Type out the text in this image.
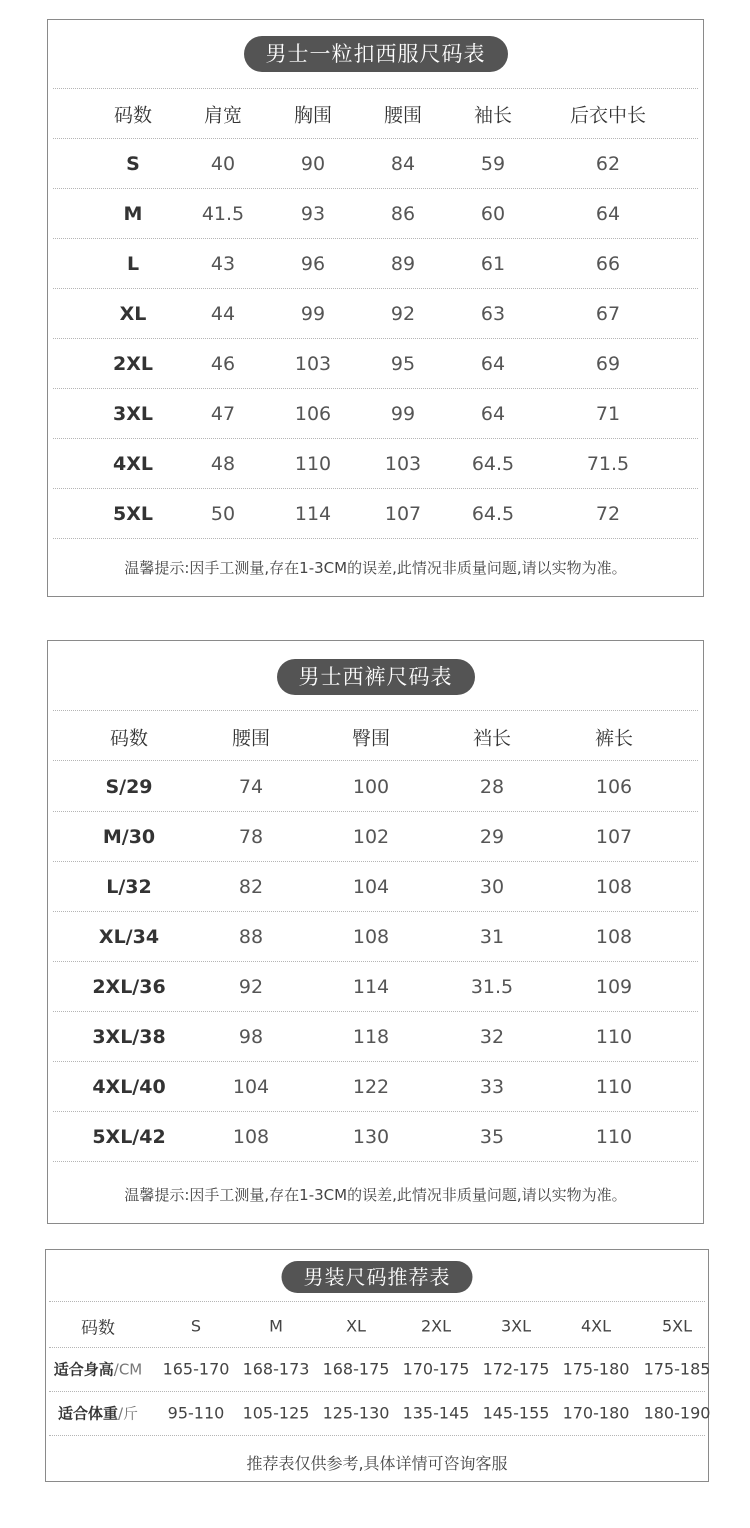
男士一粒扣西服尺码表
温馨提示:因手工测量,存在1-3CM的误差,此情况非质量问题,请以实物为准。
码数	肩宽	胸围	腰围	袖长	后衣中长
S	40	90	84	59	62
M	41.5	93	86	60	64
L	43	96	89	61	66
XL	44	99	92	63	67
2XL	46	103	95	64	69
3XL	47	106	99	64	71
4XL	48	110	103	64.5	71.5
5XL	50	114	107	64.5	72
男士西裤尺码表
温馨提示:因手工测量,存在1-3CM的误差,此情况非质量问题,请以实物为准。
码数	腰围	臀围	裆长	裤长
S/29	74	100	28	106
M/30	78	102	29	107
L/32	82	104	30	108
XL/34	88	108	31	108
2XL/36	92	114	31.5	109
3XL/38	98	118	32	110
4XL/40	104	122	33	110
5XL/42	108	130	35	110
男装尺码推荐表
推荐表仅供参考,具体详情可咨询客服
码数	S	M	XL	2XL	3XL	4XL	5XL
适合身高/CM 165-170 168-173 168-175 170-175 172-175 175-180 175-185
适合体重/斤 95-110 105-125 125-130 135-145 145-155 170-180 180-190
